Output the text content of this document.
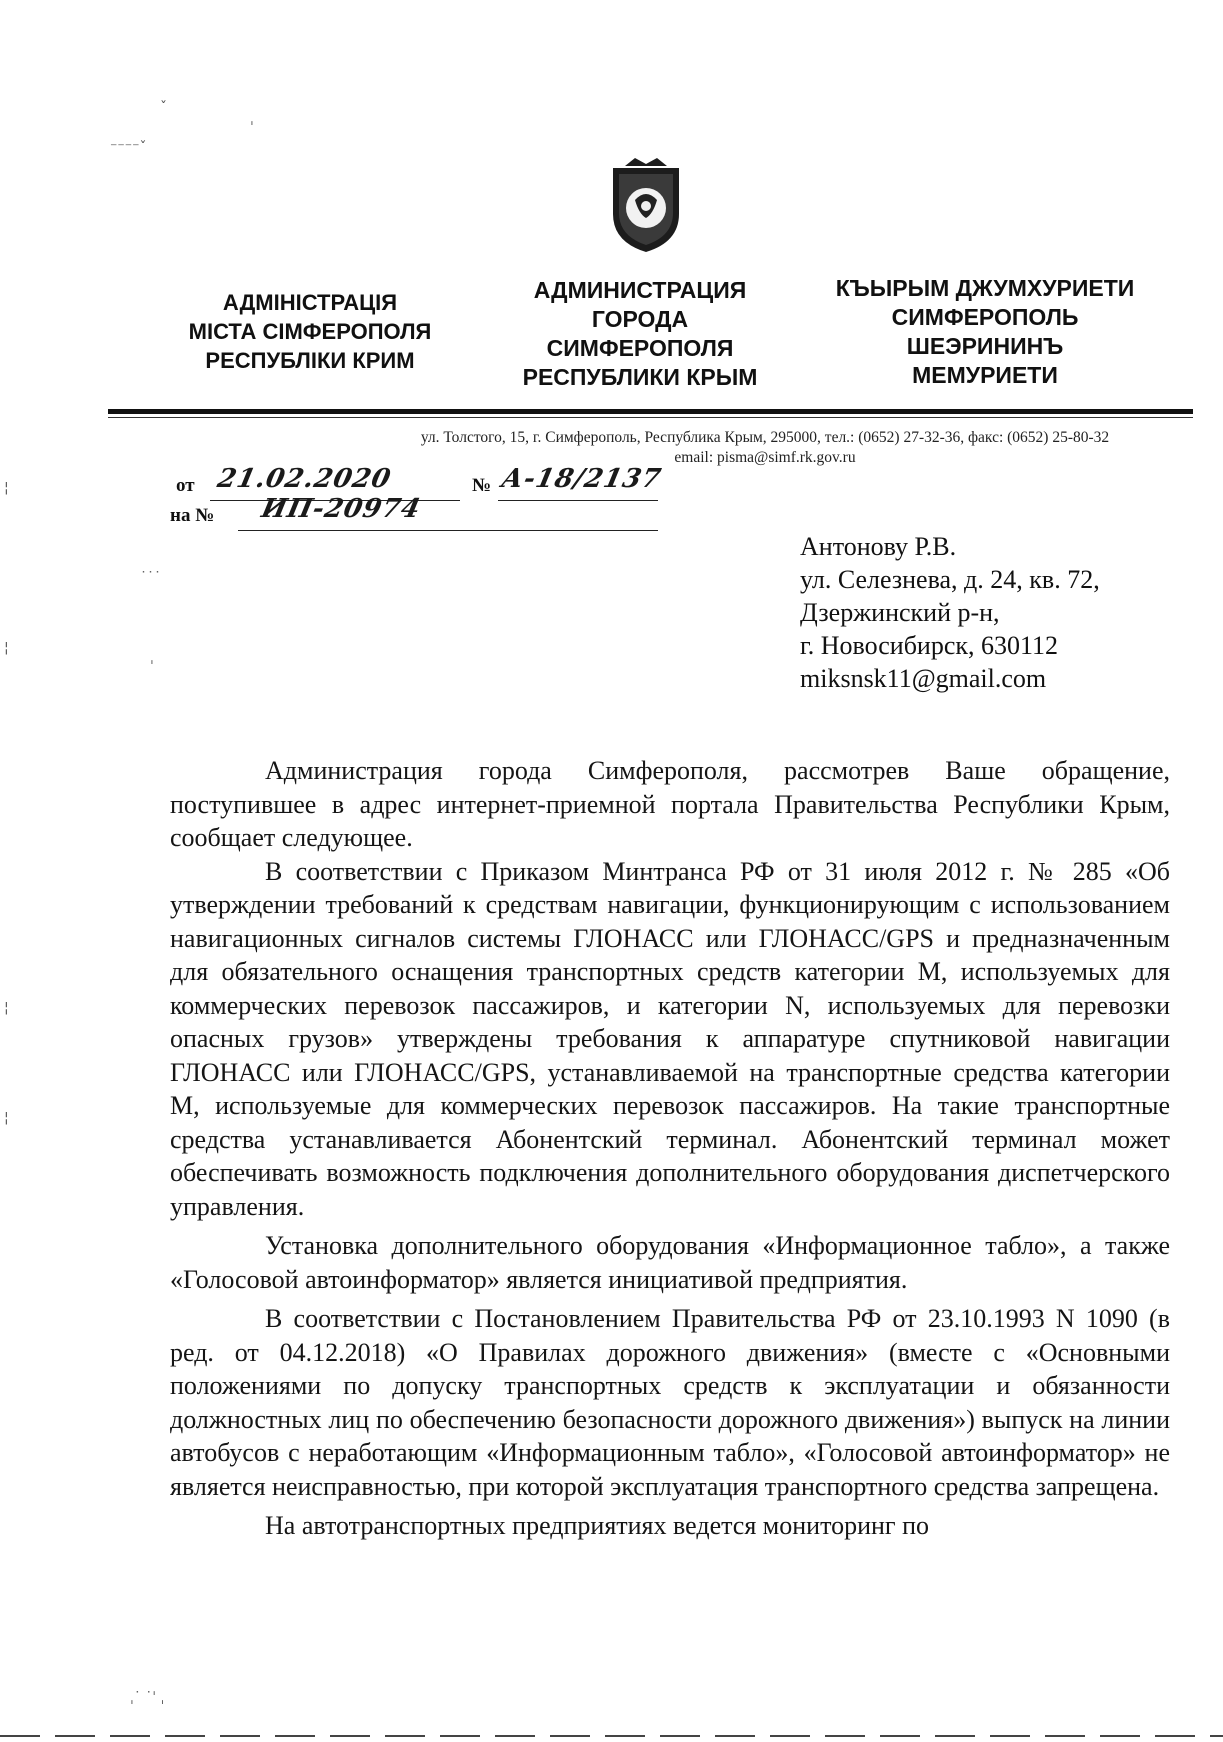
АДМІНІСТРАЦІЯ
МІСТА СІМФЕРОПОЛЯ
РЕСПУБЛІКИ КРИМ
АДМИНИСТРАЦИЯ
ГОРОДА
СИМФЕРОПОЛЯ
РЕСПУБЛИКИ КРЫМ
КЪЫРЫМ ДЖУМХУРИЕТИ
СИМФЕРОПОЛЬ
ШЕЭРИНИНЪ
МЕМУРИЕТИ
ул. Толстого, 15, г. Симферополь, Республика Крым, 295000, тел.: (0652) 27-32-36, факс: (0652) 25-80-32
email: pisma@simf.rk.gov.ru
от 21.02.2020	№ А-18/2137
на № ИП-20974
Антонову Р.В.
ул. Селезнева, д. 24, кв. 72,
Дзержинский р-н,
г. Новосибирск, 630112
miksnsk11@gmail.com

Администрация города Симферополя, рассмотрев Ваше обращение, поступившее в адрес интернет-приемной портала Правительства Республики Крым, сообщает следующее.

В соответствии с Приказом Минтранса РФ от 31 июля 2012 г. № 285 «Об утверждении требований к средствам навигации, функционирующим с использованием навигационных сигналов системы ГЛОНАСС или ГЛОНАСС/GPS и предназначенным для обязательного оснащения транспортных средств категории М, используемых для коммерческих перевозок пассажиров, и категории N, используемых для перевозки опасных грузов» утверждены требования к аппаратуре спутниковой навигации ГЛОНАСС или ГЛОНАСС/GPS, устанавливаемой на транспортные средства категории М, используемые для коммерческих перевозок пассажиров. На такие транспортные средства устанавливается Абонентский терминал. Абонентский терминал может обеспечивать возможность подключения дополнительного оборудования диспетчерского управления.

Установка дополнительного оборудования «Информационное табло», а также «Голосовой автоинформатор» является инициативой предприятия.

В соответствии с Постановлением Правительства РФ от 23.10.1993 N 1090 (в ред. от 04.12.2018) «О Правилах дорожного движения» (вместе с «Основными положениями по допуску транспортных средств к эксплуатации и обязанности должностных лиц по обеспечению безопасности дорожного движения») выпуск на линии автобусов с неработающим «Информационным табло», «Голосовой автоинформатор» не является неисправностью, при которой эксплуатация транспортного средства запрещена.

На автотранспортных предприятиях ведется мониторинг по

ˇ
⁻⁻⁻⁻ˇ
ˈ
¦
¦
¦
¦
˙˙˙
ˌ
ˌ˙ ˙ˈ ˌ
